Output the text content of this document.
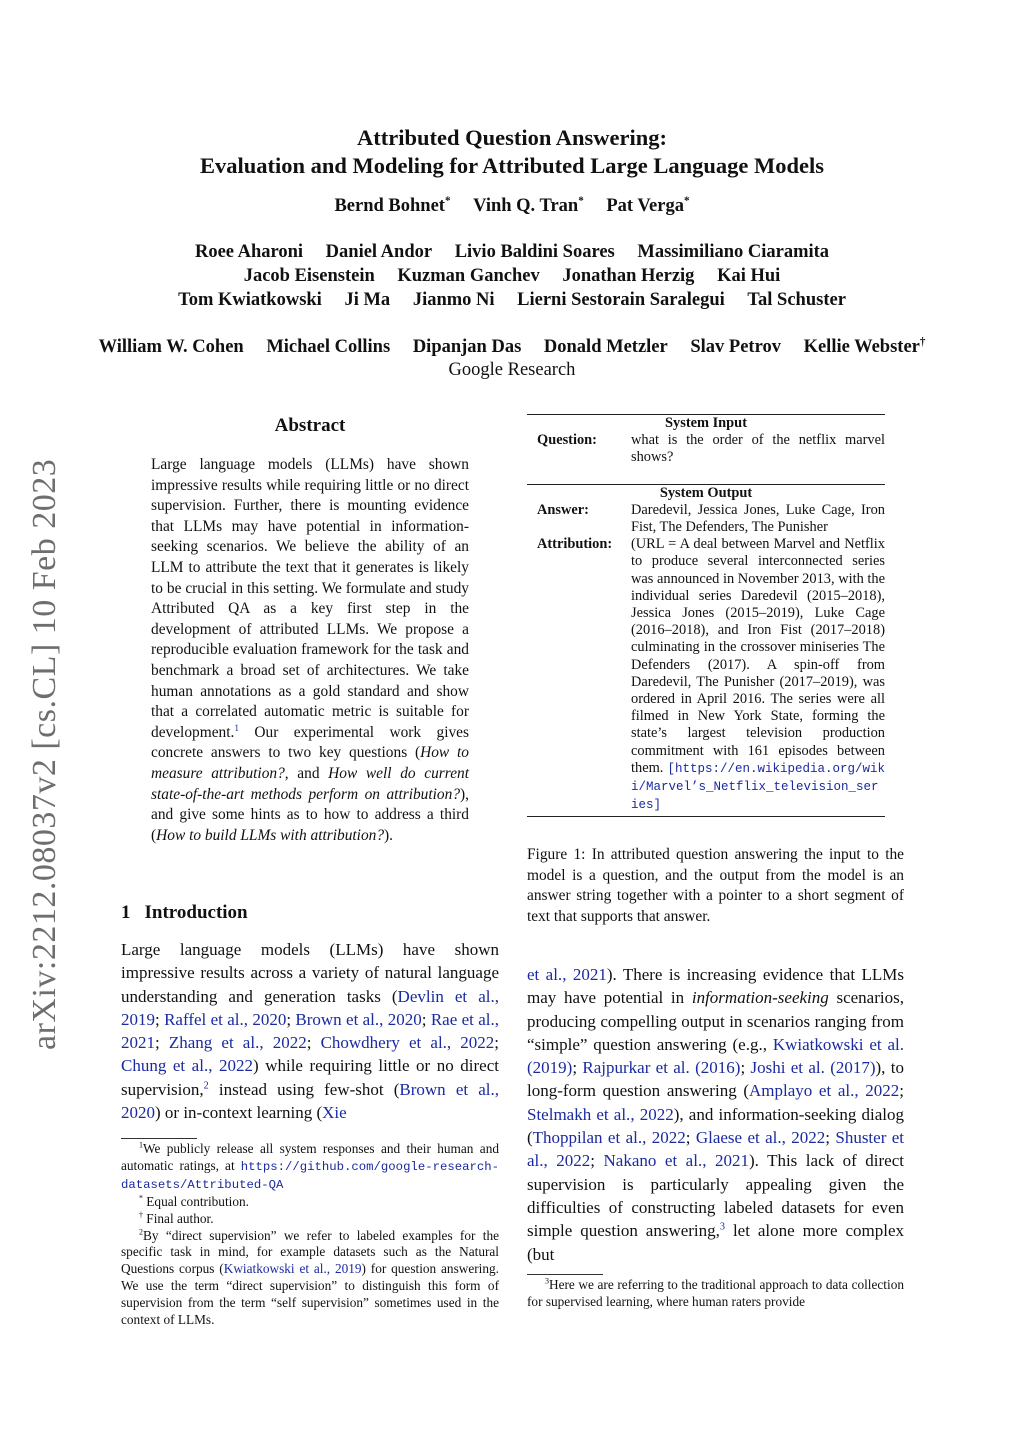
Attributed Question Answering:
Evaluation and Modeling for Attributed Large Language Models
Bernd Bohnet* Vinh Q. Tran* Pat Verga*
Roee Aharoni Daniel Andor Livio Baldini Soares Massimiliano Ciaramita
Jacob Eisenstein Kuzman Ganchev Jonathan Herzig Kai Hui
Tom Kwiatkowski Ji Ma Jianmo Ni Lierni Sestorain Saralegui Tal Schuster
William W. Cohen Michael Collins Dipanjan Das Donald Metzler Slav Petrov Kellie Webster†
Google Research
arXiv:2212.08037v2 [cs.CL] 10 Feb 2023
Abstract
Large language models (LLMs) have shown impressive results while requiring little or no direct supervision. Further, there is mounting evidence that LLMs may have potential in information-seeking scenarios. We believe the ability of an LLM to attribute the text that it generates is likely to be crucial in this setting. We formulate and study Attributed QA as a key first step in the development of attributed LLMs. We propose a reproducible evaluation framework for the task and benchmark a broad set of architectures. We take human annotations as a gold standard and show that a correlated automatic metric is suitable for development.$^1$ Our experimental work gives concrete answers to two key questions (How to measure attribution?, and How well do current state-of-the-art methods perform on attribution?), and give some hints as to how to address a third (How to build LLMs with attribution?).
1 Introduction
Large language models (LLMs) have shown impressive results across a variety of natural language understanding and generation tasks (Devlin et al., 2019; Raffel et al., 2020; Brown et al., 2020; Rae et al., 2021; Zhang et al., 2022; Chowdhery et al., 2022; Chung et al., 2022) while requiring little or no direct supervision,$^2$ instead using few-shot (Brown et al., 2020) or in-context learning (Xie

$^1$We publicly release all system responses and their human and automatic ratings, at https://github.com/google-research-datasets/Attributed-QA

* Equal contribution.

† Final author.

$^2$By “direct supervision” we refer to labeled examples for the specific task in mind, for example datasets such as the Natural Questions corpus (Kwiatkowski et al., 2019) for question answering. We use the term “direct supervision” to distinguish this form of supervision from the term “self supervision” sometimes used in the context of LLMs.

System Input
Question:	what is the order of the netflix marvel shows?
System Output
Answer:	Daredevil, Jessica Jones, Luke Cage, Iron Fist, The Defenders, The Punisher
Attribution:	(URL = A deal between Marvel and Netflix to produce several interconnected series was announced in November 2013, with the individual series Daredevil (2015–2018), Jessica Jones (2015–2019), Luke Cage (2016–2018), and Iron Fist (2017–2018) culminating in the crossover miniseries The Defenders (2017). A spin-off from Daredevil, The Punisher (2017–2019), was ordered in April 2016. The series were all filmed in New York State, forming the state’s largest television production commitment with 161 episodes between them. [https://en.wikipedia.org/wiki/Marvel’s_Netflix_television_series]
Figure 1: In attributed question answering the input to the model is a question, and the output from the model is an answer string together with a pointer to a short segment of text that supports that answer.
et al., 2021). There is increasing evidence that LLMs may have potential in information-seeking scenarios, producing compelling output in scenarios ranging from “simple” question answering (e.g., Kwiatkowski et al. (2019); Rajpurkar et al. (2016); Joshi et al. (2017)), to long-form question answering (Amplayo et al., 2022; Stelmakh et al., 2022), and information-seeking dialog (Thoppilan et al., 2022; Glaese et al., 2022; Shuster et al., 2022; Nakano et al., 2021). This lack of direct supervision is particularly appealing given the difficulties of constructing labeled datasets for even simple question answering,$^3$ let alone more complex (but

$^3$Here we are referring to the traditional approach to data collection for supervised learning, where human raters provide
